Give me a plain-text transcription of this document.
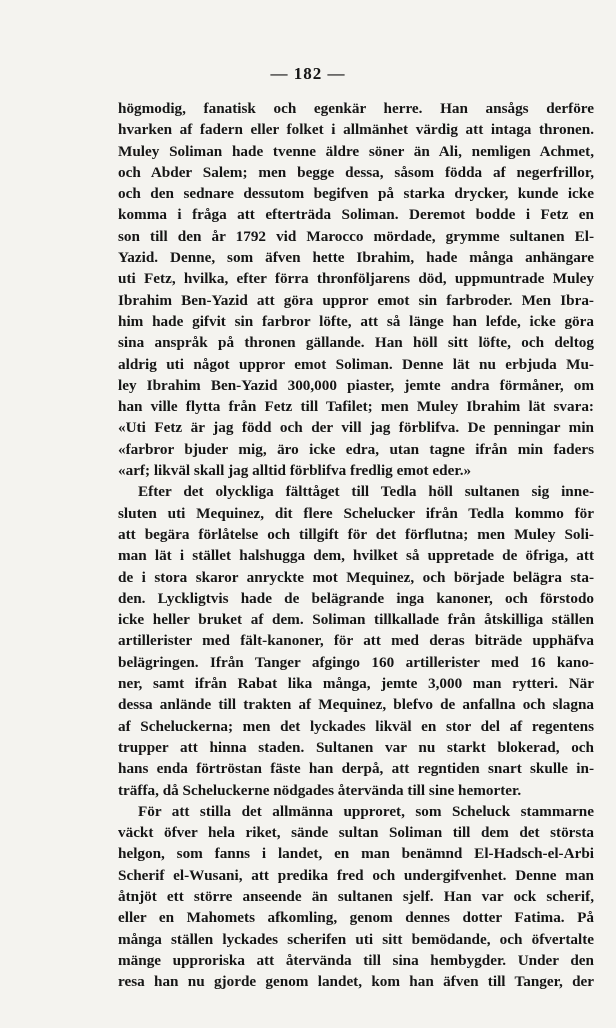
— 182 —
högmodig, fanatisk och egenkär herre. Han ansågs derföre
hvarken af fadern eller folket i allmänhet värdig att intaga thronen.
Muley Soliman hade tvenne äldre söner än Ali, nemligen Achmet,
och Abder Salem; men begge dessa, såsom födda af negerfrillor,
och den sednare dessutom begifven på starka drycker, kunde icke
komma i fråga att efterträda Soliman. Deremot bodde i Fetz en
son till den år 1792 vid Marocco mördade, grymme sultanen El-
Yazid. Denne, som äfven hette Ibrahim, hade många anhängare
uti Fetz, hvilka, efter förra thronföljarens död, uppmuntrade Muley
Ibrahim Ben-Yazid att göra uppror emot sin farbroder. Men Ibra-
him hade gifvit sin farbror löfte, att så länge han lefde, icke göra
sina anspråk på thronen gällande. Han höll sitt löfte, och deltog
aldrig uti något uppror emot Soliman. Denne lät nu erbjuda Mu-
ley Ibrahim Ben-Yazid 300,000 piaster, jemte andra förmåner, om
han ville flytta från Fetz till Tafilet; men Muley Ibrahim lät svara:
«Uti Fetz är jag född och der vill jag förblifva. De penningar min
«farbror bjuder mig, äro icke edra, utan tagne ifrån min faders
«arf; likväl skall jag alltid förblifva fredlig emot eder.»
Efter det olyckliga fälttåget till Tedla höll sultanen sig inne-
sluten uti Mequinez, dit flere Schelucker ifrån Tedla kommo för
att begära förlåtelse och tillgift för det förflutna; men Muley Soli-
man lät i stället halshugga dem, hvilket så uppretade de öfriga, att
de i stora skaror anryckte mot Mequinez, och började belägra sta-
den. Lyckligtvis hade de belägrande inga kanoner, och förstodo
icke heller bruket af dem. Soliman tillkallade från åtskilliga ställen
artillerister med fält-kanoner, för att med deras biträde upphäfva
belägringen. Ifrån Tanger afgingo 160 artillerister med 16 kano-
ner, samt ifrån Rabat lika många, jemte 3,000 man rytteri. När
dessa anlände till trakten af Mequinez, blefvo de anfallna och slagna
af Scheluckerna; men det lyckades likväl en stor del af regentens
trupper att hinna staden. Sultanen var nu starkt blokerad, och
hans enda förtröstan fäste han derpå, att regntiden snart skulle in-
träffa, då Scheluckerne nödgades återvända till sine hemorter.
För att stilla det allmänna upproret, som Scheluck stammarne
väckt öfver hela riket, sände sultan Soliman till dem det största
helgon, som fanns i landet, en man benämnd El-Hadsch-el-Arbi
Scherif el-Wusani, att predika fred och undergifvenhet. Denne man
åtnjöt ett större anseende än sultanen sjelf. Han var ock scherif,
eller en Mahomets afkomling, genom dennes dotter Fatima. På
många ställen lyckades scherifen uti sitt bemödande, och öfvertalte
mänge upproriska att återvända till sina hembygder. Under den
resa han nu gjorde genom landet, kom han äfven till Tanger, der
